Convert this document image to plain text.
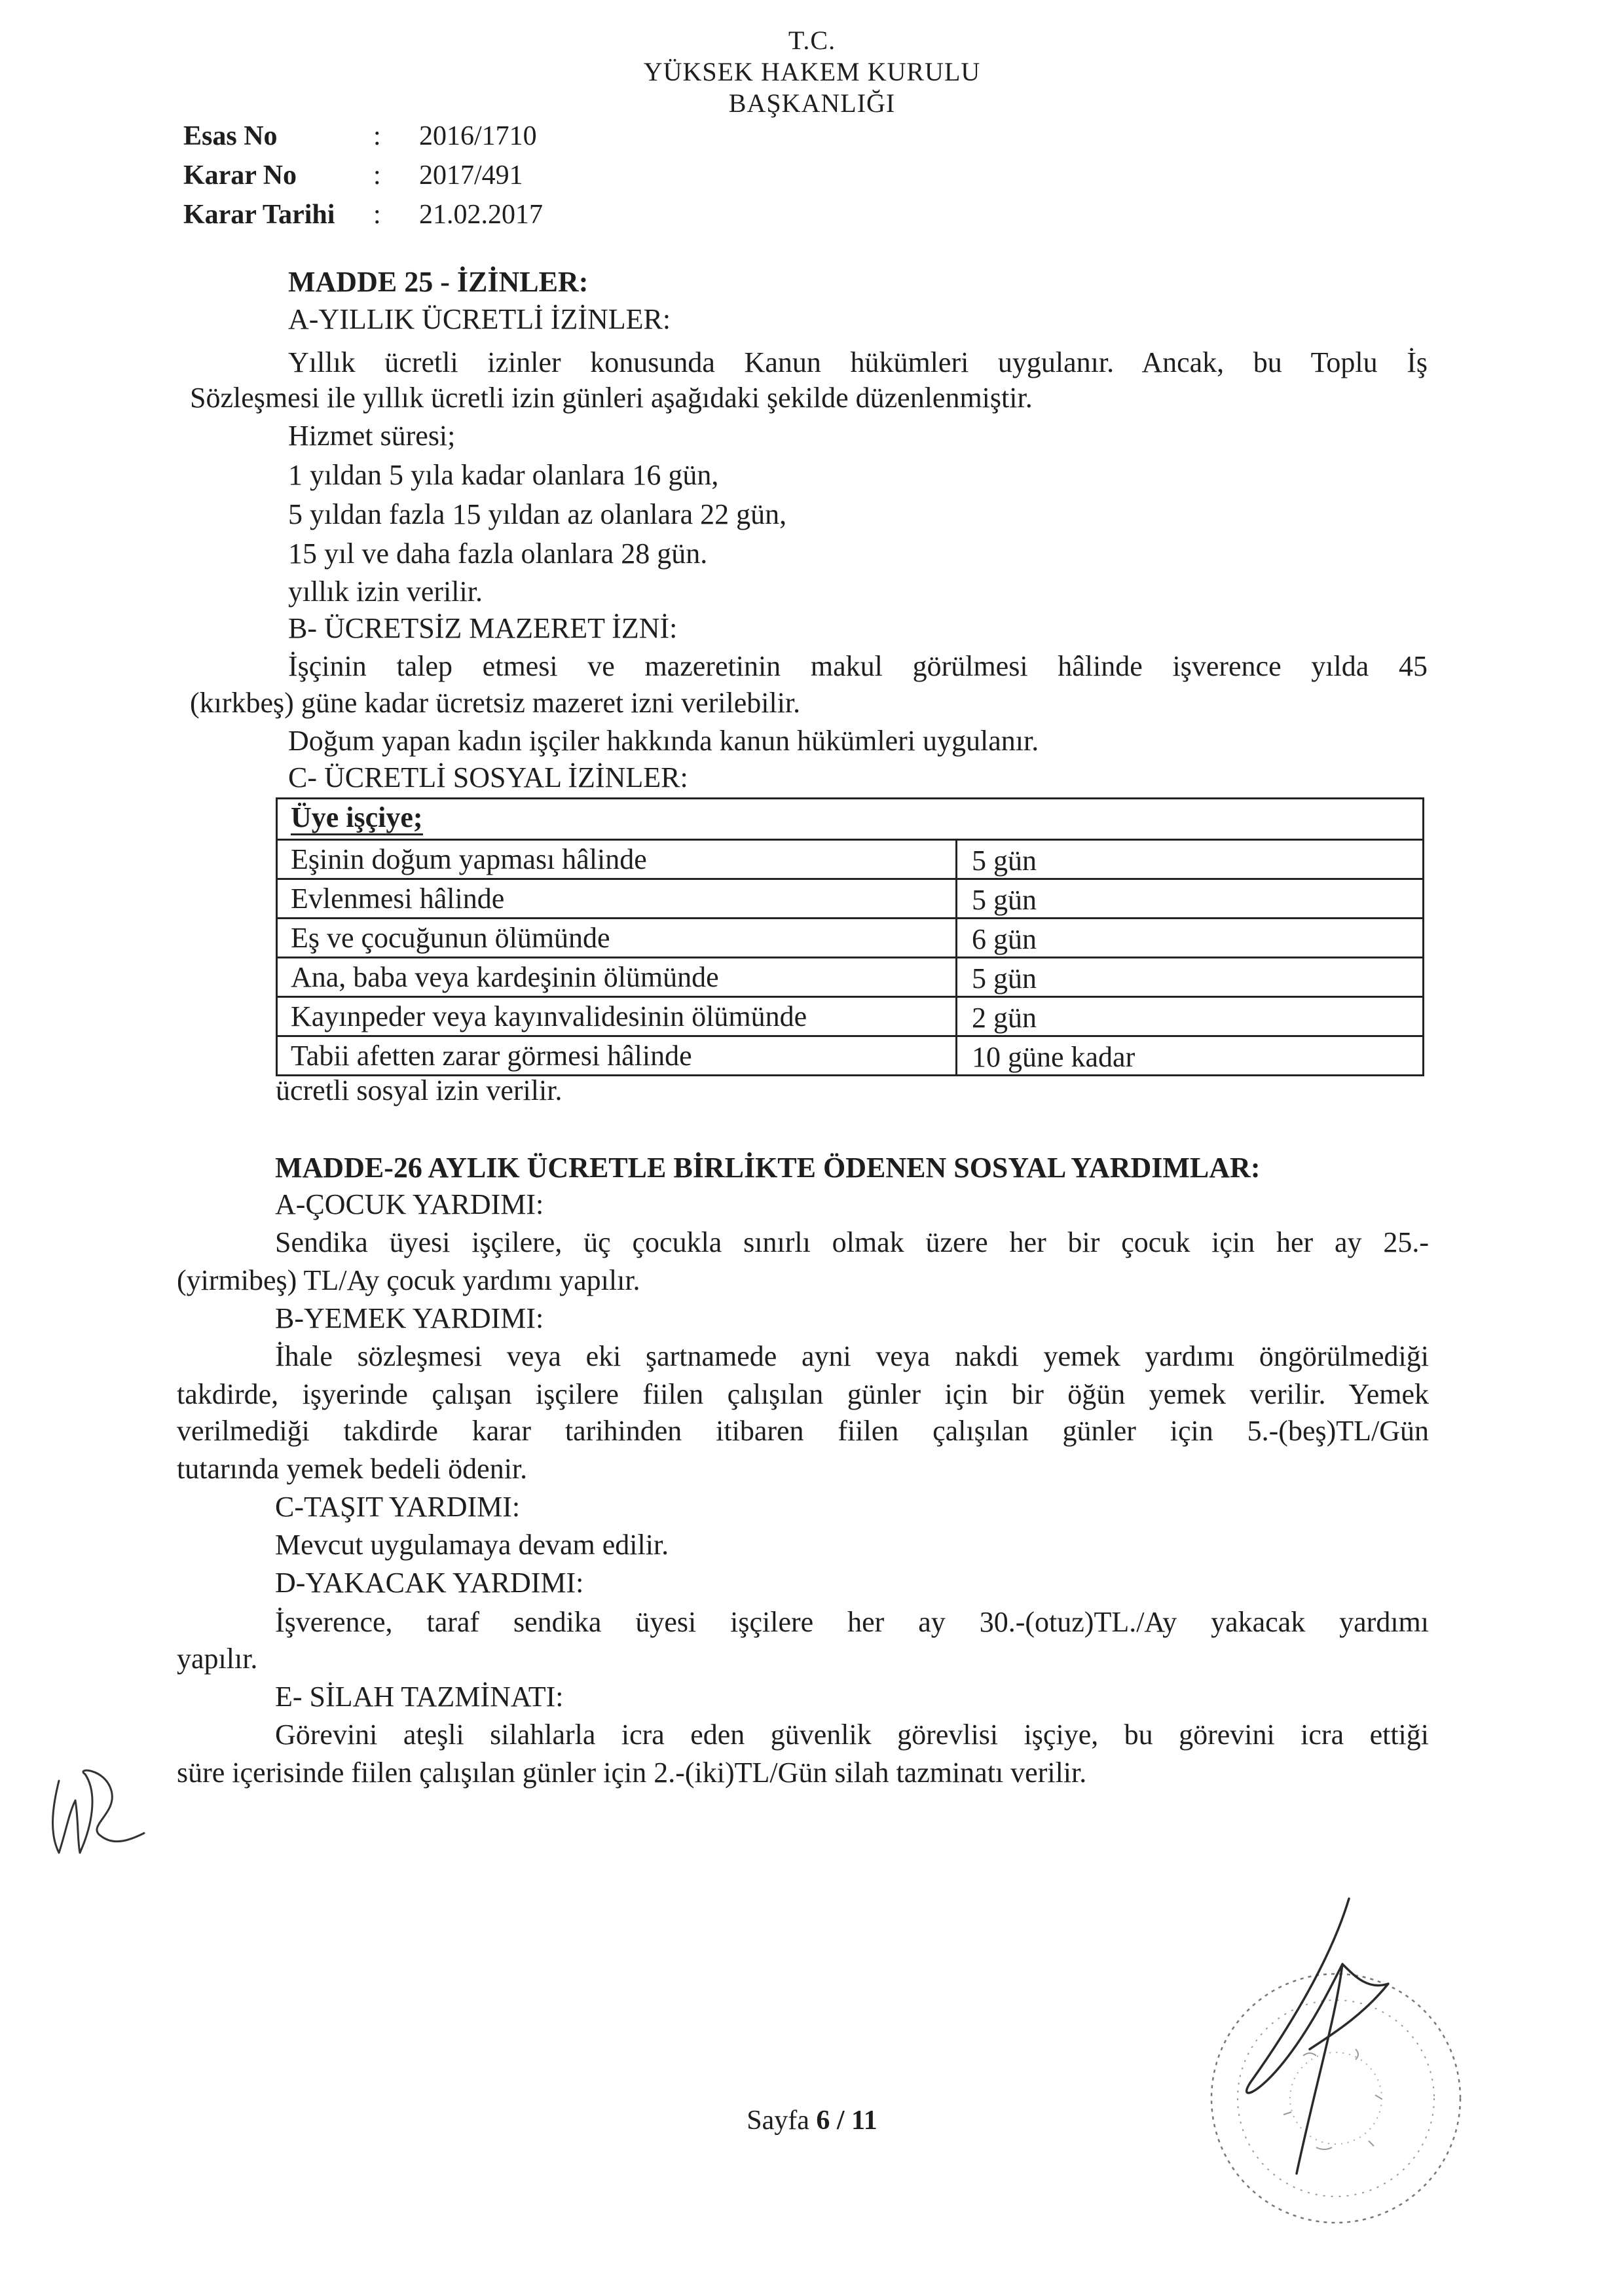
T.C.
YÜKSEK HAKEM KURULU
BAŞKANLIĞI
Esas No	:	2016/1710
Karar No	:	2017/491
Karar Tarihi	:	21.02.2017
MADDE 25 - İZİNLER:
A-YILLIK ÜCRETLİ İZİNLER:
Yıllık ücretli izinler konusunda Kanun hükümleri uygulanır. Ancak, bu Toplu İş
Sözleşmesi ile yıllık ücretli izin günleri aşağıdaki şekilde düzenlenmiştir.
Hizmet süresi;
1 yıldan 5 yıla kadar olanlara 16 gün,
5 yıldan fazla 15 yıldan az olanlara 22 gün,
15 yıl ve daha fazla olanlara 28 gün.
yıllık izin verilir.
B- ÜCRETSİZ MAZERET İZNİ:
İşçinin talep etmesi ve mazeretinin makul görülmesi hâlinde işverence yılda 45
(kırkbeş) güne kadar ücretsiz mazeret izni verilebilir.
Doğum yapan kadın işçiler hakkında kanun hükümleri uygulanır.
C- ÜCRETLİ SOSYAL İZİNLER:
Üye işçiye;
Eşinin doğum yapması hâlinde	5 gün
Evlenmesi hâlinde	5 gün
Eş ve çocuğunun ölümünde	6 gün
Ana, baba veya kardeşinin ölümünde	5 gün
Kayınpeder veya kayınvalidesinin ölümünde	2 gün
Tabii afetten zarar görmesi hâlinde	10 güne kadar
ücretli sosyal izin verilir.
MADDE-26 AYLIK ÜCRETLE BİRLİKTE ÖDENEN SOSYAL YARDIMLAR:
A-ÇOCUK YARDIMI:
Sendika üyesi işçilere, üç çocukla sınırlı olmak üzere her bir çocuk için her ay 25.-
(yirmibeş) TL/Ay çocuk yardımı yapılır.
B-YEMEK YARDIMI:
İhale sözleşmesi veya eki şartnamede ayni veya nakdi yemek yardımı öngörülmediği
takdirde, işyerinde çalışan işçilere fiilen çalışılan günler için bir öğün yemek verilir. Yemek
verilmediği takdirde karar tarihinden itibaren fiilen çalışılan günler için 5.-(beş)TL/Gün
tutarında yemek bedeli ödenir.
C-TAŞIT YARDIMI:
Mevcut uygulamaya devam edilir.
D-YAKACAK YARDIMI:
İşverence, taraf sendika üyesi işçilere her ay 30.-(otuz)TL./Ay yakacak yardımı
yapılır.
E- SİLAH TAZMİNATI:
Görevini ateşli silahlarla icra eden güvenlik görevlisi işçiye, bu görevini icra ettiği
süre içerisinde fiilen çalışılan günler için 2.-(iki)TL/Gün silah tazminatı verilir.
Sayfa 6 / 11
